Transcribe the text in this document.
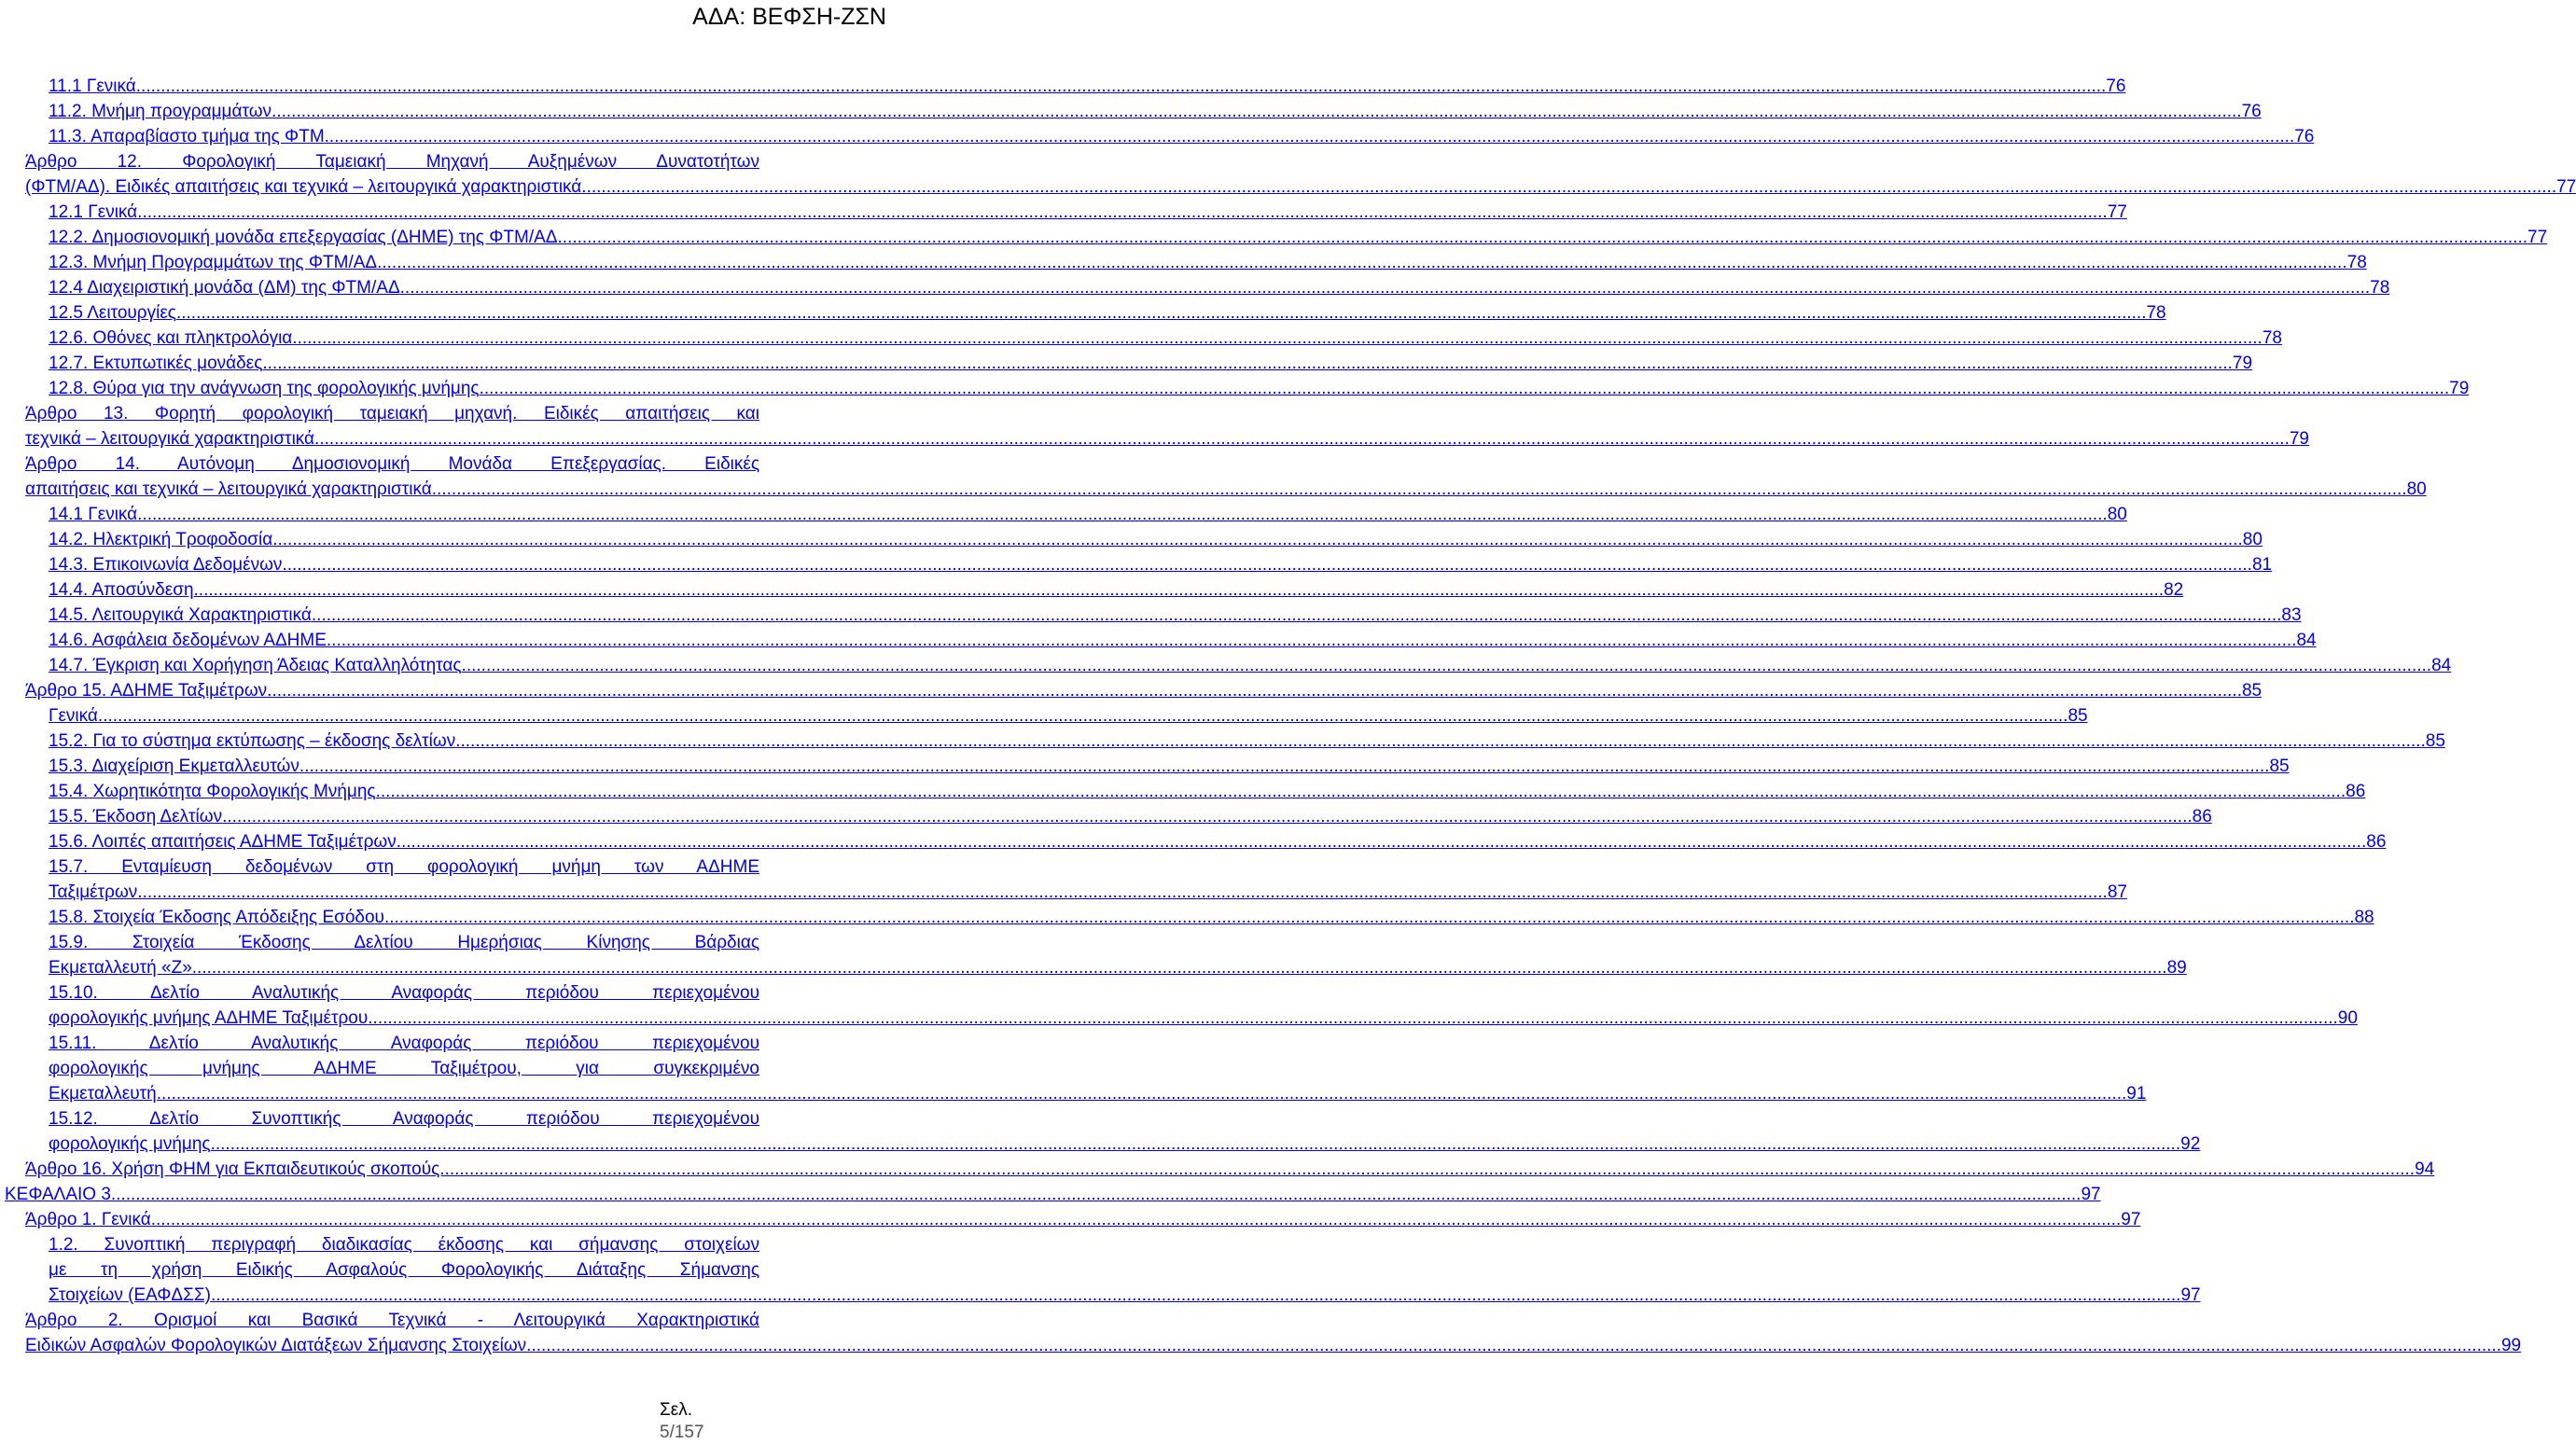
ΑΔΑ: ΒΕΦΣΗ-ΖΣΝ
11.1 Γενικά ................................................................................................................................................................................................................................................................................................................................................................................................................ 76
11.2. Μνήμη προγραμμάτων ................................................................................................................................................................................................................................................................................................................................................................................................................ 76
11.3. Απαραβίαστο τμήμα της ΦΤΜ ................................................................................................................................................................................................................................................................................................................................................................................................................ 76
Άρθρο 12. Φορολογική Ταμειακή Μηχανή Αυξημένων Δυνατοτήτων
(ΦΤΜ/ΑΔ). Ειδικές απαιτήσεις και τεχνικά – λειτουργικά χαρακτηριστικά. ................................................................................................................................................................................................................................................................................................................................................................................................................ 77
12.1 Γενικά ................................................................................................................................................................................................................................................................................................................................................................................................................ 77
12.2. Δημοσιονομική μονάδα επεξεργασίας (ΔΗΜΕ) της ΦΤΜ/ΑΔ ................................................................................................................................................................................................................................................................................................................................................................................................................ 77
12.3. Μνήμη Προγραμμάτων της ΦΤΜ/ΑΔ ................................................................................................................................................................................................................................................................................................................................................................................................................ 78
12.4 Διαχειριστική μονάδα (ΔΜ) της ΦΤΜ/ΑΔ ................................................................................................................................................................................................................................................................................................................................................................................................................ 78
12.5 Λειτουργίες ................................................................................................................................................................................................................................................................................................................................................................................................................ 78
12.6. Οθόνες και πληκτρολόγια ................................................................................................................................................................................................................................................................................................................................................................................................................ 78
12.7. Εκτυπωτικές μονάδες ................................................................................................................................................................................................................................................................................................................................................................................................................ 79
12.8. Θύρα για την ανάγνωση της φορολογικής μνήμης ................................................................................................................................................................................................................................................................................................................................................................................................................ 79
Άρθρο 13. Φορητή φορολογική ταμειακή μηχανή. Ειδικές απαιτήσεις και
τεχνικά – λειτουργικά χαρακτηριστικά. ................................................................................................................................................................................................................................................................................................................................................................................................................ 79
Άρθρο 14. Αυτόνομη Δημοσιονομική Μονάδα Επεξεργασίας. Ειδικές
απαιτήσεις και τεχνικά – λειτουργικά χαρακτηριστικά. ................................................................................................................................................................................................................................................................................................................................................................................................................ 80
14.1 Γενικά ................................................................................................................................................................................................................................................................................................................................................................................................................ 80
14.2. Ηλεκτρική Τροφοδοσία ................................................................................................................................................................................................................................................................................................................................................................................................................ 80
14.3. Επικοινωνία Δεδομένων ................................................................................................................................................................................................................................................................................................................................................................................................................ 81
14.4. Αποσύνδεση ................................................................................................................................................................................................................................................................................................................................................................................................................ 82
14.5. Λειτουργικά Χαρακτηριστικά ................................................................................................................................................................................................................................................................................................................................................................................................................ 83
14.6. Ασφάλεια δεδομένων ΑΔΗΜΕ ................................................................................................................................................................................................................................................................................................................................................................................................................ 84
14.7. Έγκριση και Χορήγηση Άδειας Καταλληλότητας ................................................................................................................................................................................................................................................................................................................................................................................................................ 84
Άρθρο 15. ΑΔΗΜΕ Ταξιμέτρων. ................................................................................................................................................................................................................................................................................................................................................................................................................ 85
Γενικά ................................................................................................................................................................................................................................................................................................................................................................................................................ 85
15.2. Για το σύστημα εκτύπωσης – έκδοσης δελτίων ................................................................................................................................................................................................................................................................................................................................................................................................................ 85
15.3. Διαχείριση Εκμεταλλευτών ................................................................................................................................................................................................................................................................................................................................................................................................................ 85
15.4. Χωρητικότητα Φορολογικής Μνήμης ................................................................................................................................................................................................................................................................................................................................................................................................................ 86
15.5. Έκδοση Δελτίων ................................................................................................................................................................................................................................................................................................................................................................................................................ 86
15.6. Λοιπές απαιτήσεις ΑΔΗΜΕ Ταξιμέτρων ................................................................................................................................................................................................................................................................................................................................................................................................................ 86
15.7. Ενταμίευση δεδομένων στη φορολογική μνήμη των ΑΔΗΜΕ
Ταξιμέτρων ................................................................................................................................................................................................................................................................................................................................................................................................................ 87
15.8. Στοιχεία Έκδοσης Απόδειξης Εσόδου ................................................................................................................................................................................................................................................................................................................................................................................................................ 88
15.9. Στοιχεία Έκδοσης Δελτίου Ημερήσιας Κίνησης Βάρδιας
Εκμεταλλευτή «Ζ». ................................................................................................................................................................................................................................................................................................................................................................................................................ 89
15.10. Δελτίο Αναλυτικής Αναφοράς περιόδου περιεχομένου
φορολογικής μνήμης ΑΔΗΜΕ Ταξιμέτρου ................................................................................................................................................................................................................................................................................................................................................................................................................ 90
15.11. Δελτίο Αναλυτικής Αναφοράς περιόδου περιεχομένου
φορολογικής μνήμης ΑΔΗΜΕ Ταξιμέτρου, για συγκεκριμένο
Εκμεταλλευτή ................................................................................................................................................................................................................................................................................................................................................................................................................ 91
15.12. Δελτίο Συνοπτικής Αναφοράς περιόδου περιεχομένου
φορολογικής μνήμης ................................................................................................................................................................................................................................................................................................................................................................................................................ 92
Άρθρο 16. Χρήση ΦΗΜ για Εκπαιδευτικούς σκοπούς. ................................................................................................................................................................................................................................................................................................................................................................................................................ 94
ΚΕΦΑΛΑΙΟ 3 ................................................................................................................................................................................................................................................................................................................................................................................................................ 97
Άρθρο 1. Γενικά ................................................................................................................................................................................................................................................................................................................................................................................................................ 97
1.2. Συνοπτική περιγραφή διαδικασίας έκδοσης και σήμανσης στοιχείων
με τη χρήση Ειδικής Ασφαλούς Φορολογικής Διάταξης Σήμανσης
Στοιχείων (ΕΑΦΔΣΣ) ................................................................................................................................................................................................................................................................................................................................................................................................................ 97
Άρθρο 2. Ορισμοί και Βασικά Τεχνικά - Λειτουργικά Χαρακτηριστικά
Ειδικών Ασφαλών Φορολογικών Διατάξεων Σήμανσης Στοιχείων. ................................................................................................................................................................................................................................................................................................................................................................................................................ 99
Σελ.
5/157
